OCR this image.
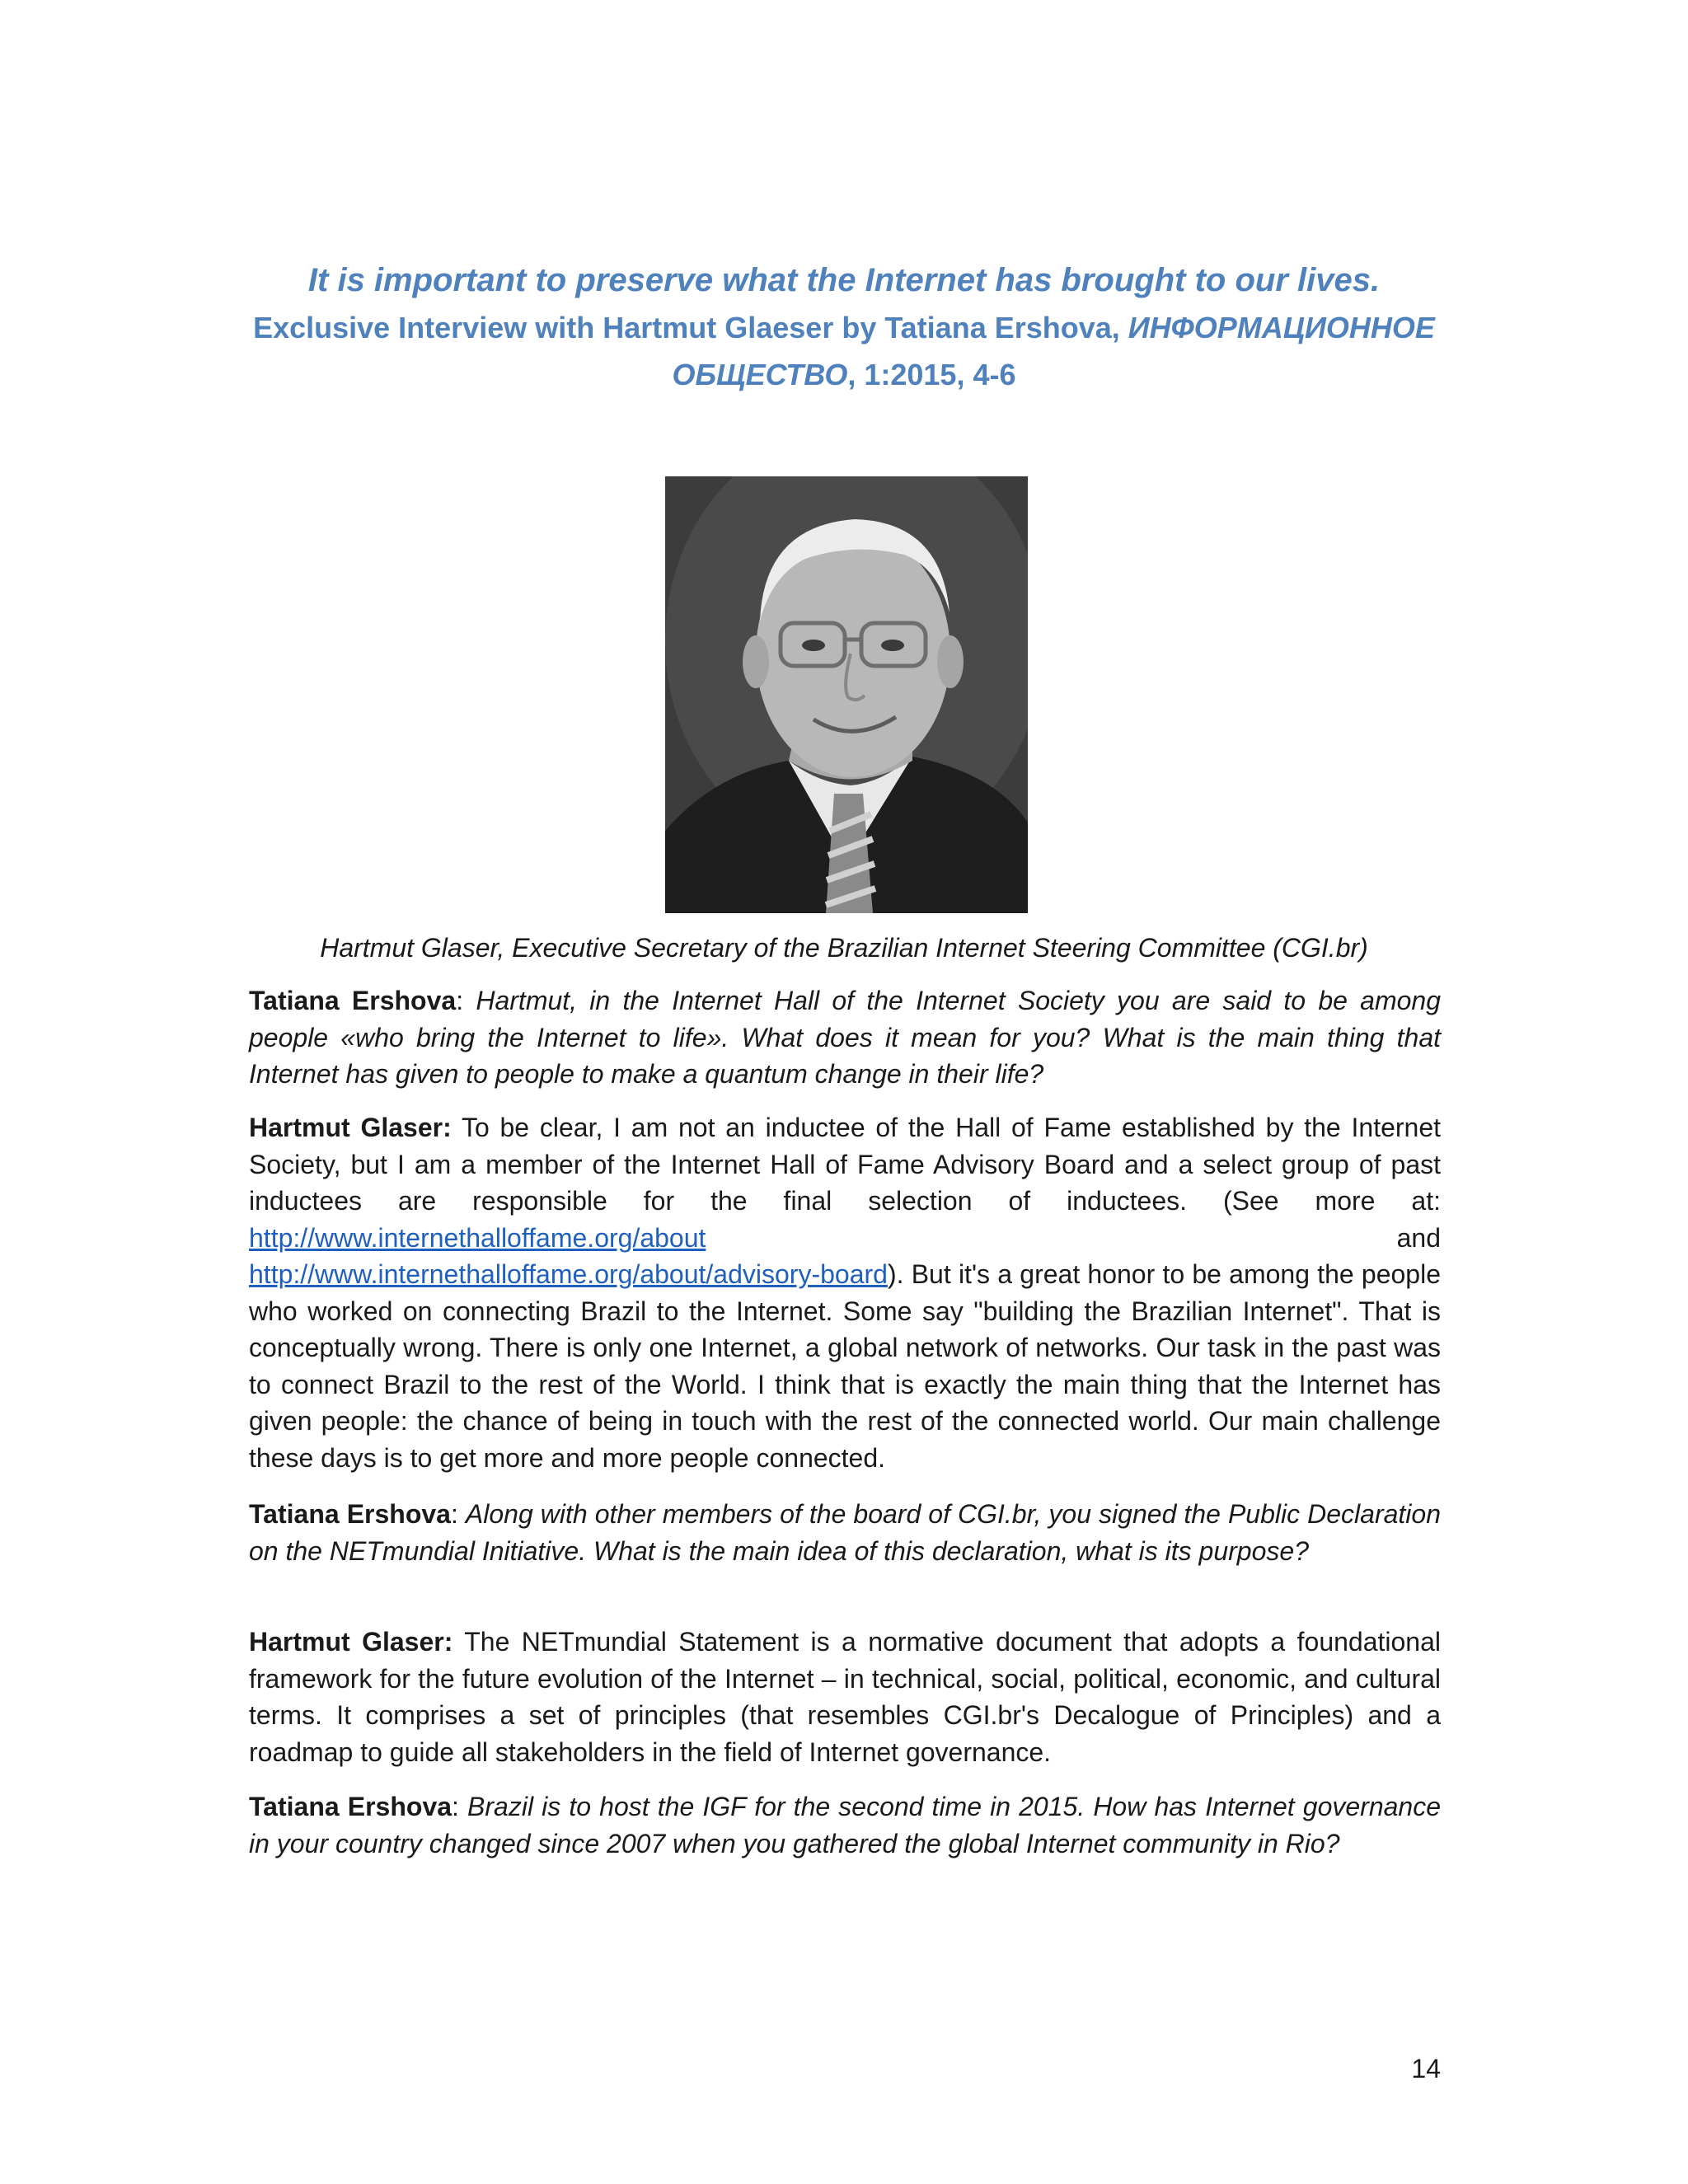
It is important to preserve what the Internet has brought to our lives. Exclusive Interview with Hartmut Glaeser by Tatiana Ershova, ИНФОРМАЦИОННОЕ ОБЩЕСТВО, 1:2015, 4-6
Hartmut Glaser, Executive Secretary of the Brazilian Internet Steering Committee (CGI.br)

Tatiana Ershova: Hartmut, in the Internet Hall of the Internet Society you are said to be among people «who bring the Internet to life». What does it mean for you? What is the main thing that Internet has given to people to make a quantum change in their life?

Hartmut Glaser: To be clear, I am not an inductee of the Hall of Fame established by the Internet Society, but I am a member of the Internet Hall of Fame Advisory Board and a select group of past inductees are responsible for the final selection of inductees. (See more at: http://www.internethalloffame.org/about	and

http://www.internethalloffame.org/about/advisory-board). But it's a great honor to be among the people who worked on connecting Brazil to the Internet. Some say "building the Brazilian Internet". That is conceptually wrong. There is only one Internet, a global network of networks. Our task in the past was to connect Brazil to the rest of the World. I think that is exactly the main thing that the Internet has given people: the chance of being in touch with the rest of the connected world. Our main challenge these days is to get more and more people connected.

Tatiana Ershova: Along with other members of the board of CGI.br, you signed the Public Declaration on the NETmundial Initiative. What is the main idea of this declaration, what is its purpose?

Hartmut Glaser: The NETmundial Statement is a normative document that adopts a foundational framework for the future evolution of the Internet – in technical, social, political, economic, and cultural terms. It comprises a set of principles (that resembles CGI.br's Decalogue of Principles) and a roadmap to guide all stakeholders in the field of Internet governance.

Tatiana Ershova: Brazil is to host the IGF for the second time in 2015. How has Internet governance in your country changed since 2007 when you gathered the global Internet community in Rio?

14
